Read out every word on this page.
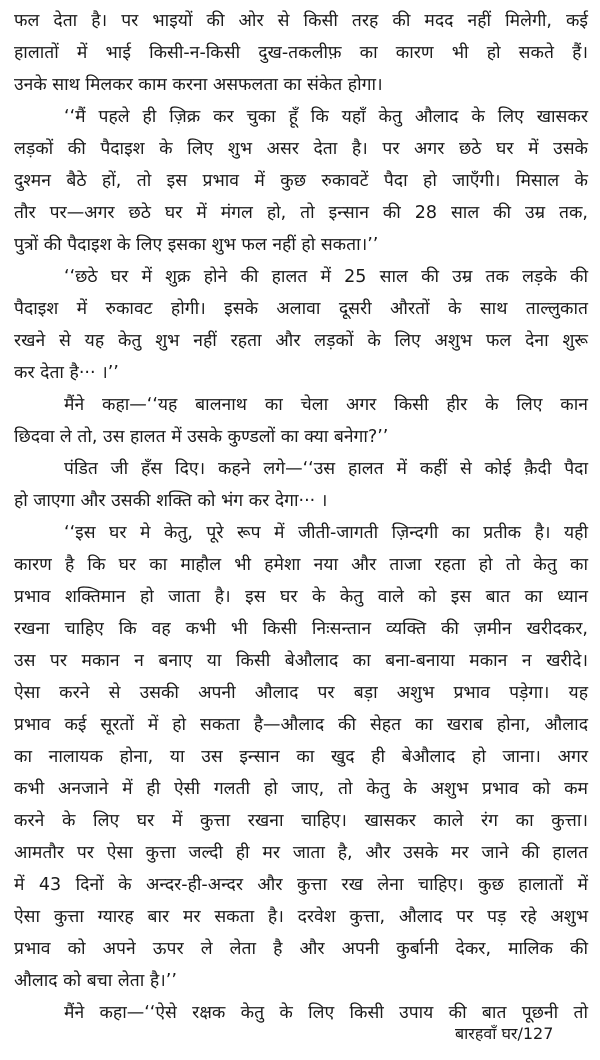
फल देता है। पर भाइयों की ओर से किसी तरह की मदद नहीं मिलेगी, कई
हालातों में भाई किसी-न-किसी दुख-तकलीफ़ का कारण भी हो सकते हैं।
उनके साथ मिलकर काम करना असफलता का संकेत होगा।
‘‘मैं पहले ही ज़िक्र कर चुका हूँ कि यहाँ केतु औलाद के लिए खासकर
लड़कों की पैदाइश के लिए शुभ असर देता है। पर अगर छठे घर में उसके
दुश्मन बैठे हों, तो इस प्रभाव में कुछ रुकावटें पैदा हो जाएँगी। मिसाल के
तौर पर—अगर छठे घर में मंगल हो, तो इन्सान की 28 साल की उम्र तक,
पुत्रों की पैदाइश के लिए इसका शुभ फल नहीं हो सकता।’’
‘‘छठे घर में शुक्र होने की हालत में 25 साल की उम्र तक लड़के की
पैदाइश में रुकावट होगी। इसके अलावा दूसरी औरतों के साथ ताल्लुकात
रखने से यह केतु शुभ नहीं रहता और लड़कों के लिए अशुभ फल देना शुरू
कर देता है··· ।’’
मैंने कहा—‘‘यह बालनाथ का चेला अगर किसी हीर के लिए कान
छिदवा ले तो, उस हालत में उसके कुण्डलों का क्या बनेगा?’’
पंडित जी हँस दिए। कहने लगे—‘‘उस हालत में कहीं से कोई क़ैदी पैदा
हो जाएगा और उसकी शक्ति को भंग कर देगा··· ।
‘‘इस घर मे केतु, पूरे रूप में जीती-जागती ज़िन्दगी का प्रतीक है। यही
कारण है कि घर का माहौल भी हमेशा नया और ताजा रहता हो तो केतु का
प्रभाव शक्तिमान हो जाता है। इस घर के केतु वाले को इस बात का ध्यान
रखना चाहिए कि वह कभी भी किसी निःसन्तान व्यक्ति की ज़मीन खरीदकर,
उस पर मकान न बनाए या किसी बेऔलाद का बना-बनाया मकान न खरीदे।
ऐसा करने से उसकी अपनी औलाद पर बड़ा अशुभ प्रभाव पड़ेगा। यह
प्रभाव कई सूरतों में हो सकता है—औलाद की सेहत का खराब होना, औलाद
का नालायक होना, या उस इन्सान का खुद ही बेऔलाद हो जाना। अगर
कभी अनजाने में ही ऐसी गलती हो जाए, तो केतु के अशुभ प्रभाव को कम
करने के लिए घर में कुत्ता रखना चाहिए। खासकर काले रंग का कुत्ता।
आमतौर पर ऐसा कुत्ता जल्दी ही मर जाता है, और उसके मर जाने की हालत
में 43 दिनों के अन्दर-ही-अन्दर और कुत्ता रख लेना चाहिए। कुछ हालातों में
ऐसा कुत्ता ग्यारह बार मर सकता है। दरवेश कुत्ता, औलाद पर पड़ रहे अशुभ
प्रभाव को अपने ऊपर ले लेता है और अपनी कुर्बानी देकर, मालिक की
औलाद को बचा लेता है।’’
मैंने कहा—‘‘ऐसे रक्षक केतु के लिए किसी उपाय की बात पूछनी तो
बारहवाँ घर/127
